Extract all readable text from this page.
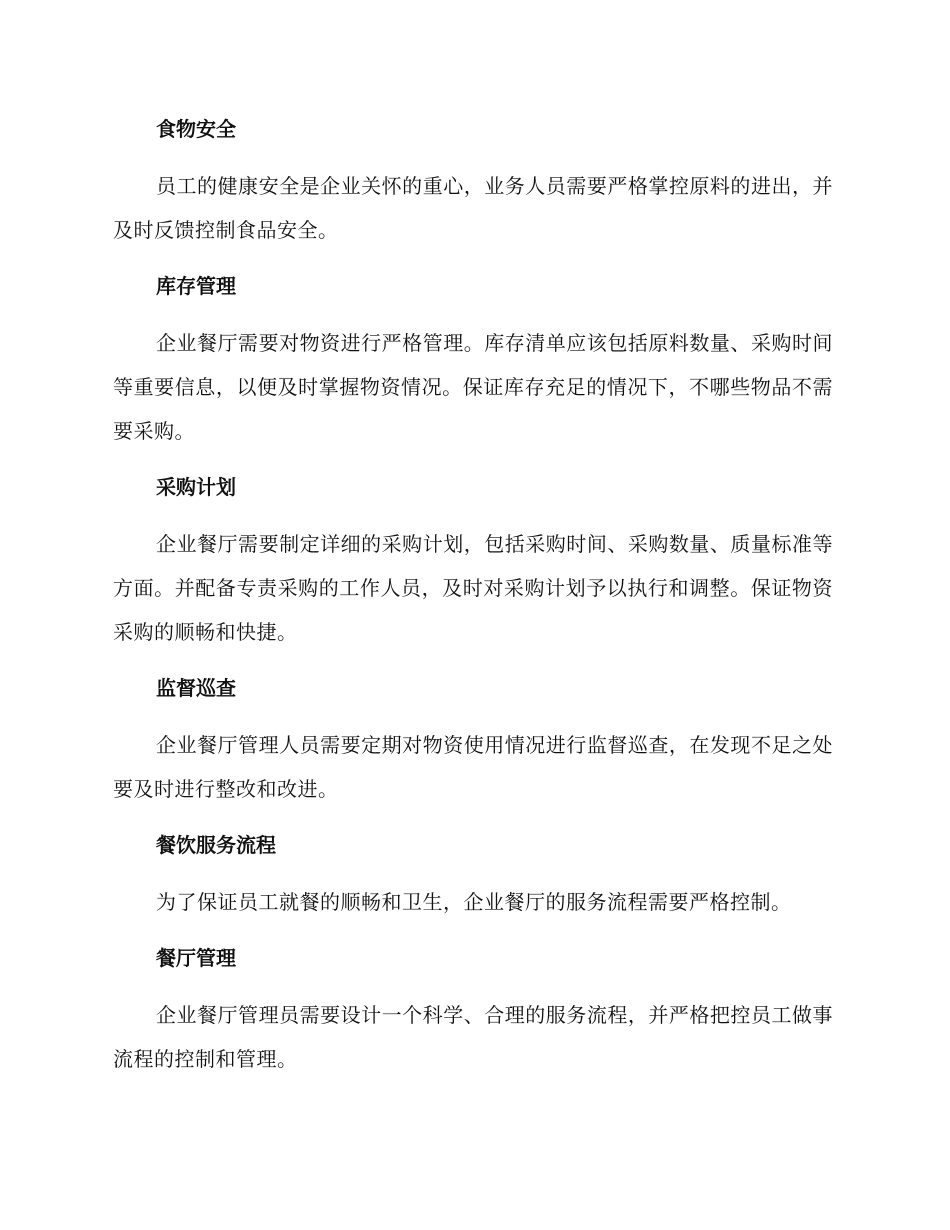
食物安全

员工的健康安全是企业关怀的重心，业务人员需要严格掌控原料的进出，并及时反馈控制食品安全。

库存管理

企业餐厅需要对物资进行严格管理。库存清单应该包括原料数量、采购时间等重要信息，以便及时掌握物资情况。保证库存充足的情况下，不哪些物品不需要采购。

采购计划

企业餐厅需要制定详细的采购计划，包括采购时间、采购数量、质量标准等方面。并配备专责采购的工作人员，及时对采购计划予以执行和调整。保证物资采购的顺畅和快捷。

监督巡查

企业餐厅管理人员需要定期对物资使用情况进行监督巡查，在发现不足之处要及时进行整改和改进。

餐饮服务流程

为了保证员工就餐的顺畅和卫生，企业餐厅的服务流程需要严格控制。

餐厅管理

企业餐厅管理员需要设计一个科学、合理的服务流程，并严格把控员工做事流程的控制和管理。
